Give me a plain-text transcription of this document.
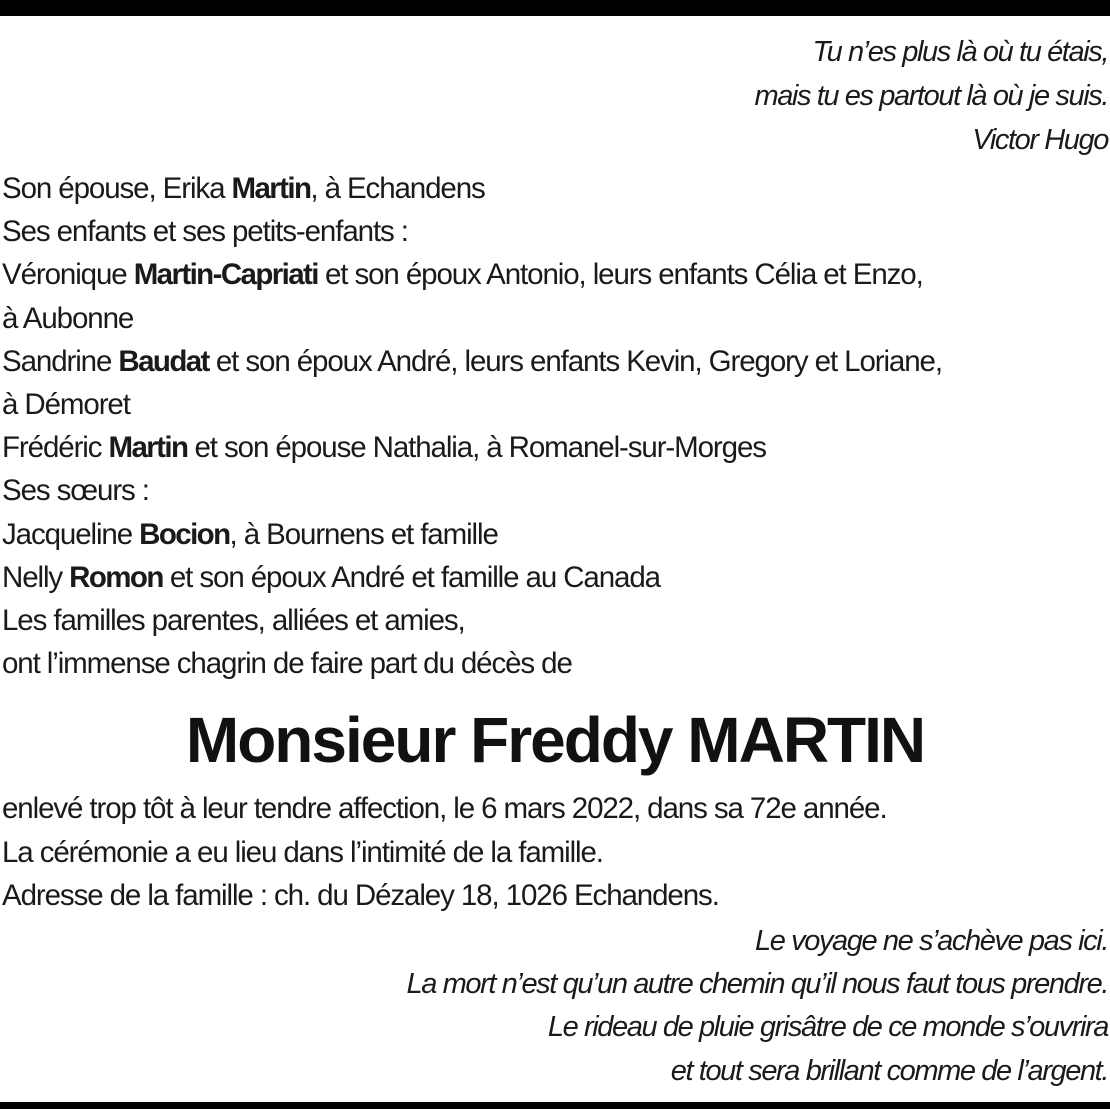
Tu n’es plus là où tu étais,
mais tu es partout là où je suis.
Victor Hugo
Son épouse, Erika Martin, à Echandens
Ses enfants et ses petits-enfants :
Véronique Martin-Capriati et son époux Antonio, leurs enfants Célia et Enzo,
à Aubonne
Sandrine Baudat et son époux André, leurs enfants Kevin, Gregory et Loriane,
à Démoret
Frédéric Martin et son épouse Nathalia, à Romanel-sur-Morges
Ses sœurs :
Jacqueline Bocion, à Bournens et famille
Nelly Romon et son époux André et famille au Canada
Les familles parentes, alliées et amies,
ont l’immense chagrin de faire part du décès de
Monsieur Freddy MARTIN
enlevé trop tôt à leur tendre affection, le 6 mars 2022, dans sa 72e année.
La cérémonie a eu lieu dans l’intimité de la famille.
Adresse de la famille : ch. du Dézaley 18, 1026 Echandens.
Le voyage ne s’achève pas ici.
La mort n’est qu’un autre chemin qu’il nous faut tous prendre.
Le rideau de pluie grisâtre de ce monde s’ouvrira
et tout sera brillant comme de l’argent.
